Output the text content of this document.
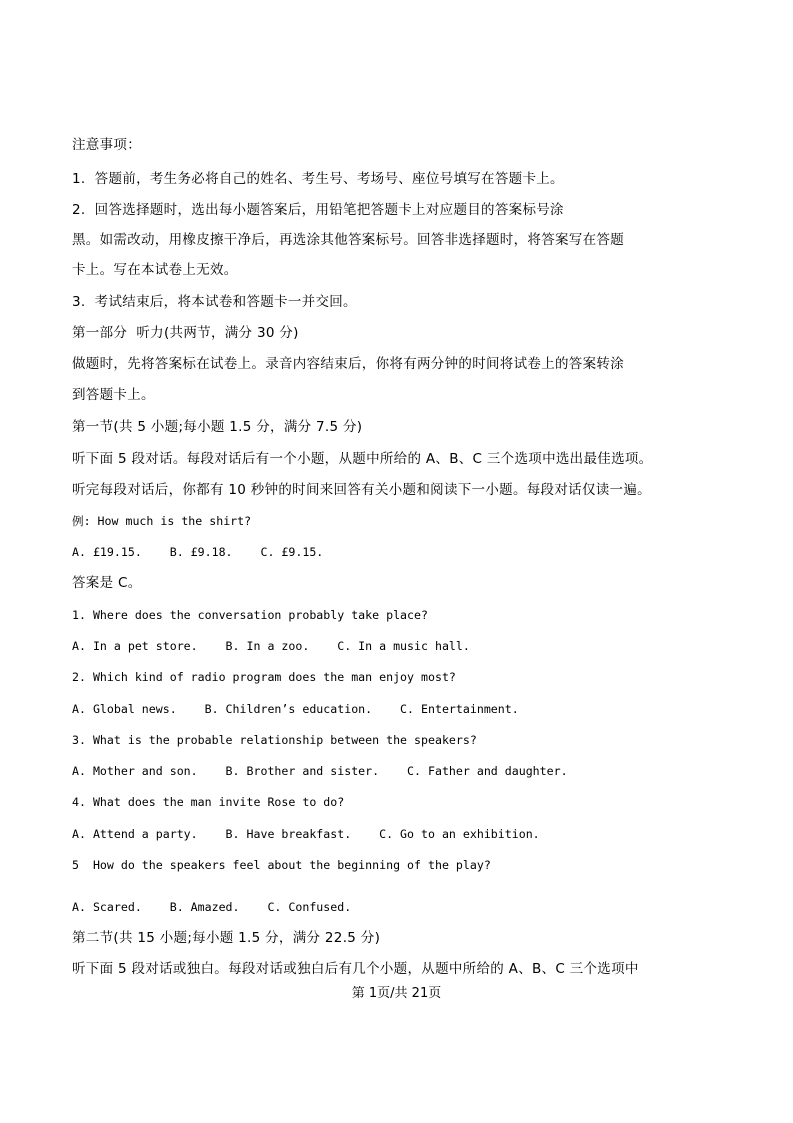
注意事项：
1.  答题前，考生务必将自己的姓名、考生号、考场号、座位号填写在答题卡上。
2.  回答选择题时，选出每小题答案后，用铅笔把答题卡上对应题目的答案标号涂
黑。如需改动，用橡皮擦干净后，再选涂其他答案标号。回答非选择题时，将答案写在答题
卡上。写在本试卷上无效。
3.  考试结束后，将本试卷和答题卡一并交回。
第一部分  听力(共两节，满分 30 分)
做题时，先将答案标在试卷上。录音内容结束后，你将有两分钟的时间将试卷上的答案转涂
到答题卡上。
第一节(共 5 小题;每小题 1.5 分，满分 7.5 分)
听下面 5 段对话。每段对话后有一个小题，从题中所给的 A、B、C 三个选项中选出最佳选项。
听完每段对话后，你都有 10 秒钟的时间来回答有关小题和阅读下一小题。每段对话仅读一遍。
例: How much is the shirt?
A. £19.15.    B. £9.18.    C. £9.15.
答案是 C。
1. Where does the conversation probably take place?
A. In a pet store.    B. In a zoo.    C. In a music hall.
2. Which kind of radio program does the man enjoy most?
A. Global news.    B. Children’s education.    C. Entertainment.
3. What is the probable relationship between the speakers?
A. Mother and son.    B. Brother and sister.    C. Father and daughter.
4. What does the man invite Rose to do?
A. Attend a party.    B. Have breakfast.    C. Go to an exhibition.
5  How do the speakers feel about the beginning of the play?
A. Scared.    B. Amazed.    C. Confused.
第二节(共 15 小题;每小题 1.5 分，满分 22.5 分)
听下面 5 段对话或独白。每段对话或独白后有几个小题，从题中所给的 A、B、C 三个选项中
第 1页/共 21页
